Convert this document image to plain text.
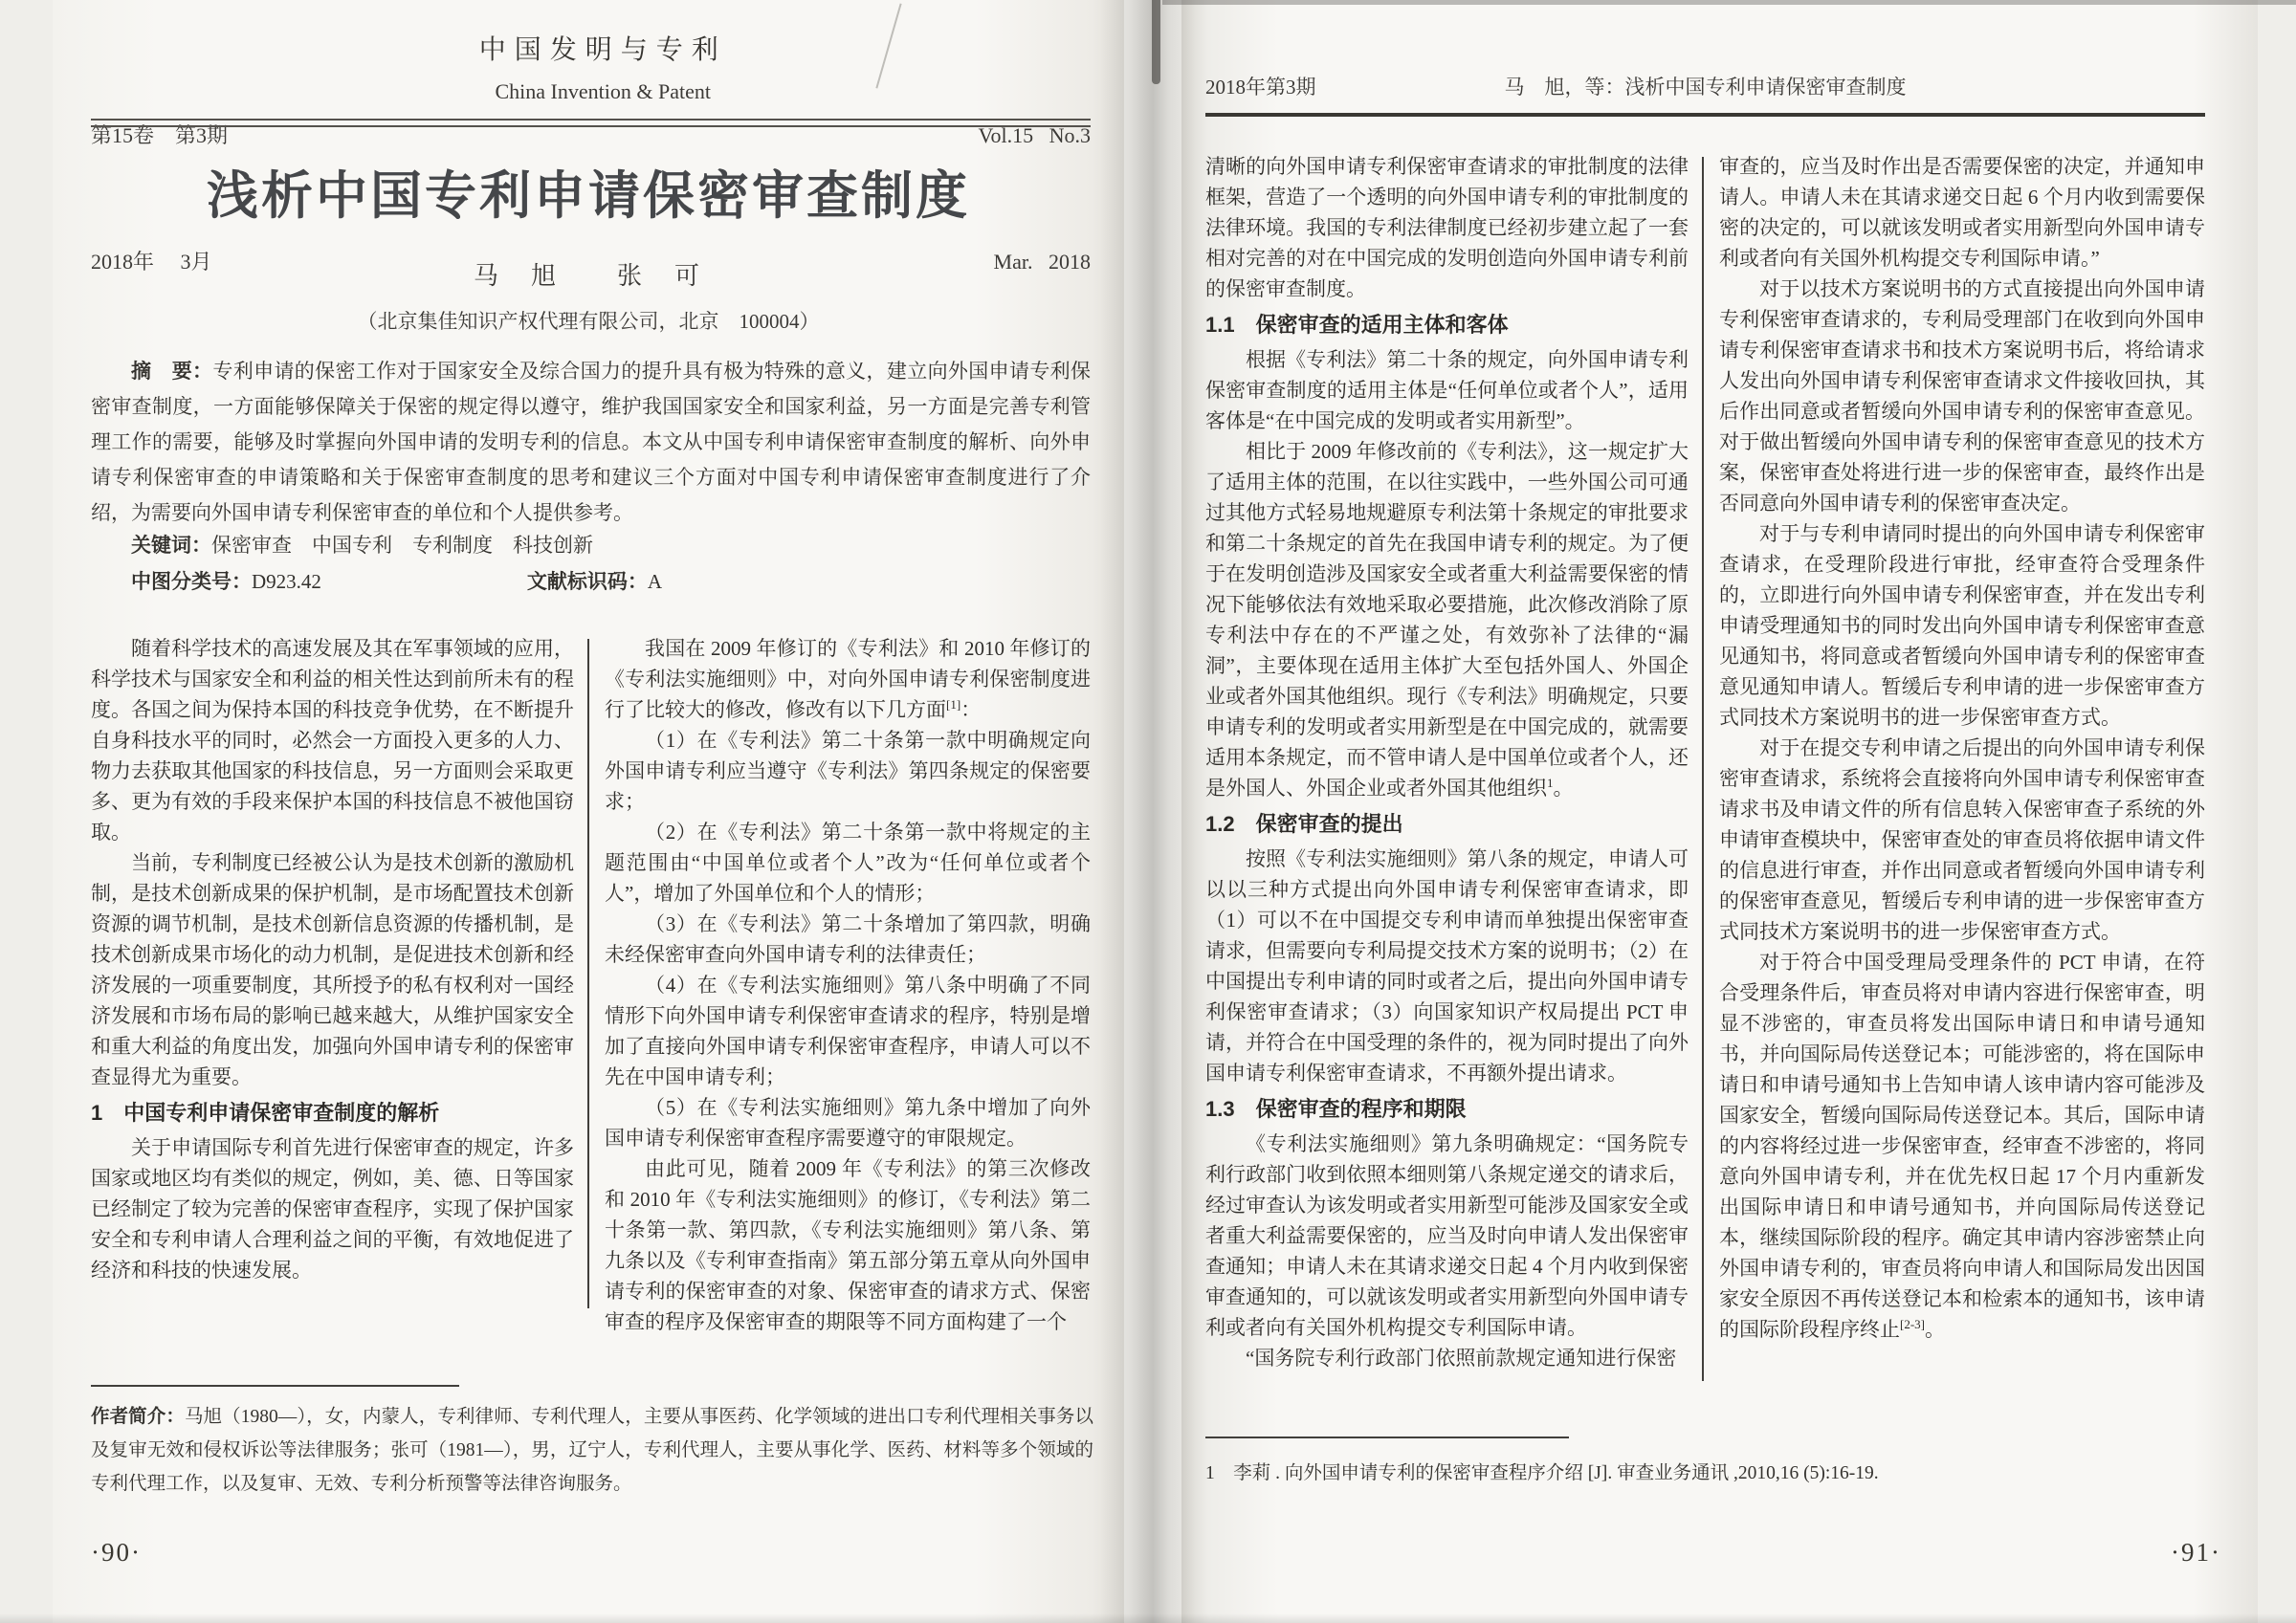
第15卷　第3期

2018年　 3月

中国发明与专利
China Invention & Patent

Vol.15   No.3

Mar.   2018

浅析中国专利申请保密审查制度
马　旭　　张　可
（北京集佳知识产权代理有限公司，北京　100004）

摘　要：专利申请的保密工作对于国家安全及综合国力的提升具有极为特殊的意义，建立向外国申请专利保密审查制度，一方面能够保障关于保密的规定得以遵守，维护我国国家安全和国家利益，另一方面是完善专利管理工作的需要，能够及时掌握向外国申请的发明专利的信息。本文从中国专利申请保密审查制度的解析、向外申请专利保密审查的申请策略和关于保密审查制度的思考和建议三个方面对中国专利申请保密审查制度进行了介绍，为需要向外国申请专利保密审查的单位和个人提供参考。

关键词：保密审查　中国专利　专利制度　科技创新

中图分类号：D923.42	文献标识码：A

随着科学技术的高速发展及其在军事领域的应用，科学技术与国家安全和利益的相关性达到前所未有的程度。各国之间为保持本国的科技竞争优势，在不断提升自身科技水平的同时，必然会一方面投入更多的人力、物力去获取其他国家的科技信息，另一方面则会采取更多、更为有效的手段来保护本国的科技信息不被他国窃取。

当前，专利制度已经被公认为是技术创新的激励机制，是技术创新成果的保护机制，是市场配置技术创新资源的调节机制，是技术创新信息资源的传播机制，是技术创新成果市场化的动力机制，是促进技术创新和经济发展的一项重要制度，其所授予的私有权利对一国经济发展和市场布局的影响已越来越大，从维护国家安全和重大利益的角度出发，加强向外国申请专利的保密审查显得尤为重要。

1　中国专利申请保密审查制度的解析

关于申请国际专利首先进行保密审查的规定，许多国家或地区均有类似的规定，例如，美、德、日等国家已经制定了较为完善的保密审查程序，实现了保护国家安全和专利申请人合理利益之间的平衡，有效地促进了经济和科技的快速发展。

我国在 2009 年修订的《专利法》和 2010 年修订的《专利法实施细则》中，对向外国申请专利保密制度进行了比较大的修改，修改有以下几方面[1]：

（1）在《专利法》第二十条第一款中明确规定向外国申请专利应当遵守《专利法》第四条规定的保密要求；

（2）在《专利法》第二十条第一款中将规定的主题范围由“中国单位或者个人”改为“任何单位或者个人”，增加了外国单位和个人的情形；

（3）在《专利法》第二十条增加了第四款，明确未经保密审查向外国申请专利的法律责任；

（4）在《专利法实施细则》第八条中明确了不同情形下向外国申请专利保密审查请求的程序，特别是增加了直接向外国申请专利保密审查程序，申请人可以不先在中国申请专利；

（5）在《专利法实施细则》第九条中增加了向外国申请专利保密审查程序需要遵守的审限规定。

由此可见，随着 2009 年《专利法》的第三次修改和 2010 年《专利法实施细则》的修订，《专利法》第二十条第一款、第四款，《专利法实施细则》第八条、第九条以及《专利审查指南》第五部分第五章从向外国申请专利的保密审查的对象、保密审查的请求方式、保密审查的程序及保密审查的期限等不同方面构建了一个

作者简介：马旭（1980—），女，内蒙人，专利律师、专利代理人，主要从事医药、化学领域的进出口专利代理相关事务以及复审无效和侵权诉讼等法律服务；张可（1981—），男，辽宁人，专利代理人，主要从事化学、医药、材料等多个领域的专利代理工作，以及复审、无效、专利分析预警等法律咨询服务。

·90·
马　旭，等：浅析中国专利申请保密审查制度
2018年第3期

清晰的向外国申请专利保密审查请求的审批制度的法律框架，营造了一个透明的向外国申请专利的审批制度的法律环境。我国的专利法律制度已经初步建立起了一套相对完善的对在中国完成的发明创造向外国申请专利前的保密审查制度。

1.1　保密审查的适用主体和客体

根据《专利法》第二十条的规定，向外国申请专利保密审查制度的适用主体是“任何单位或者个人”，适用客体是“在中国完成的发明或者实用新型”。

相比于 2009 年修改前的《专利法》，这一规定扩大了适用主体的范围，在以往实践中，一些外国公司可通过其他方式轻易地规避原专利法第十条规定的审批要求和第二十条规定的首先在我国申请专利的规定。为了便于在发明创造涉及国家安全或者重大利益需要保密的情况下能够依法有效地采取必要措施，此次修改消除了原专利法中存在的不严谨之处，有效弥补了法律的“漏洞”，主要体现在适用主体扩大至包括外国人、外国企业或者外国其他组织。现行《专利法》明确规定，只要申请专利的发明或者实用新型是在中国完成的，就需要适用本条规定，而不管申请人是中国单位或者个人，还是外国人、外国企业或者外国其他组织$^1$。

1.2　保密审查的提出

按照《专利法实施细则》第八条的规定，申请人可以以三种方式提出向外国申请专利保密审查请求，即（1）可以不在中国提交专利申请而单独提出保密审查请求，但需要向专利局提交技术方案的说明书；（2）在中国提出专利申请的同时或者之后，提出向外国申请专利保密审查请求；（3）向国家知识产权局提出 PCT 申请，并符合在中国受理的条件的，视为同时提出了向外国申请专利保密审查请求，不再额外提出请求。

1.3　保密审查的程序和期限

《专利法实施细则》第九条明确规定：“国务院专利行政部门收到依照本细则第八条规定递交的请求后，经过审查认为该发明或者实用新型可能涉及国家安全或者重大利益需要保密的，应当及时向申请人发出保密审查通知；申请人未在其请求递交日起 4 个月内收到保密审查通知的，可以就该发明或者实用新型向外国申请专利或者向有关国外机构提交专利国际申请。

“国务院专利行政部门依照前款规定通知进行保密

审查的，应当及时作出是否需要保密的决定，并通知申请人。申请人未在其请求递交日起 6 个月内收到需要保密的决定的，可以就该发明或者实用新型向外国申请专利或者向有关国外机构提交专利国际申请。”

对于以技术方案说明书的方式直接提出向外国申请专利保密审查请求的，专利局受理部门在收到向外国申请专利保密审查请求书和技术方案说明书后，将给请求人发出向外国申请专利保密审查请求文件接收回执，其后作出同意或者暂缓向外国申请专利的保密审查意见。对于做出暂缓向外国申请专利的保密审查意见的技术方案，保密审查处将进行进一步的保密审查，最终作出是否同意向外国申请专利的保密审查决定。

对于与专利申请同时提出的向外国申请专利保密审查请求，在受理阶段进行审批，经审查符合受理条件的，立即进行向外国申请专利保密审查，并在发出专利申请受理通知书的同时发出向外国申请专利保密审查意见通知书，将同意或者暂缓向外国申请专利的保密审查意见通知申请人。暂缓后专利申请的进一步保密审查方式同技术方案说明书的进一步保密审查方式。

对于在提交专利申请之后提出的向外国申请专利保密审查请求，系统将会直接将向外国申请专利保密审查请求书及申请文件的所有信息转入保密审查子系统的外申请审查模块中，保密审查处的审查员将依据申请文件的信息进行审查，并作出同意或者暂缓向外国申请专利的保密审查意见，暂缓后专利申请的进一步保密审查方式同技术方案说明书的进一步保密审查方式。

对于符合中国受理局受理条件的 PCT 申请，在符合受理条件后，审查员将对申请内容进行保密审查，明显不涉密的，审查员将发出国际申请日和申请号通知书，并向国际局传送登记本；可能涉密的，将在国际申请日和申请号通知书上告知申请人该申请内容可能涉及国家安全，暂缓向国际局传送登记本。其后，国际申请的内容将经过进一步保密审查，经审查不涉密的，将同意向外国申请专利，并在优先权日起 17 个月内重新发出国际申请日和申请号通知书，并向国际局传送登记本，继续国际阶段的程序。确定其申请内容涉密禁止向外国申请专利的，审查员将向申请人和国际局发出因国家安全原因不再传送登记本和检索本的通知书，该申请的国际阶段程序终止[2-3]。

1　李莉 . 向外国申请专利的保密审查程序介绍 [J]. 审查业务通讯 ,2010,16 (5):16-19.

·91·
